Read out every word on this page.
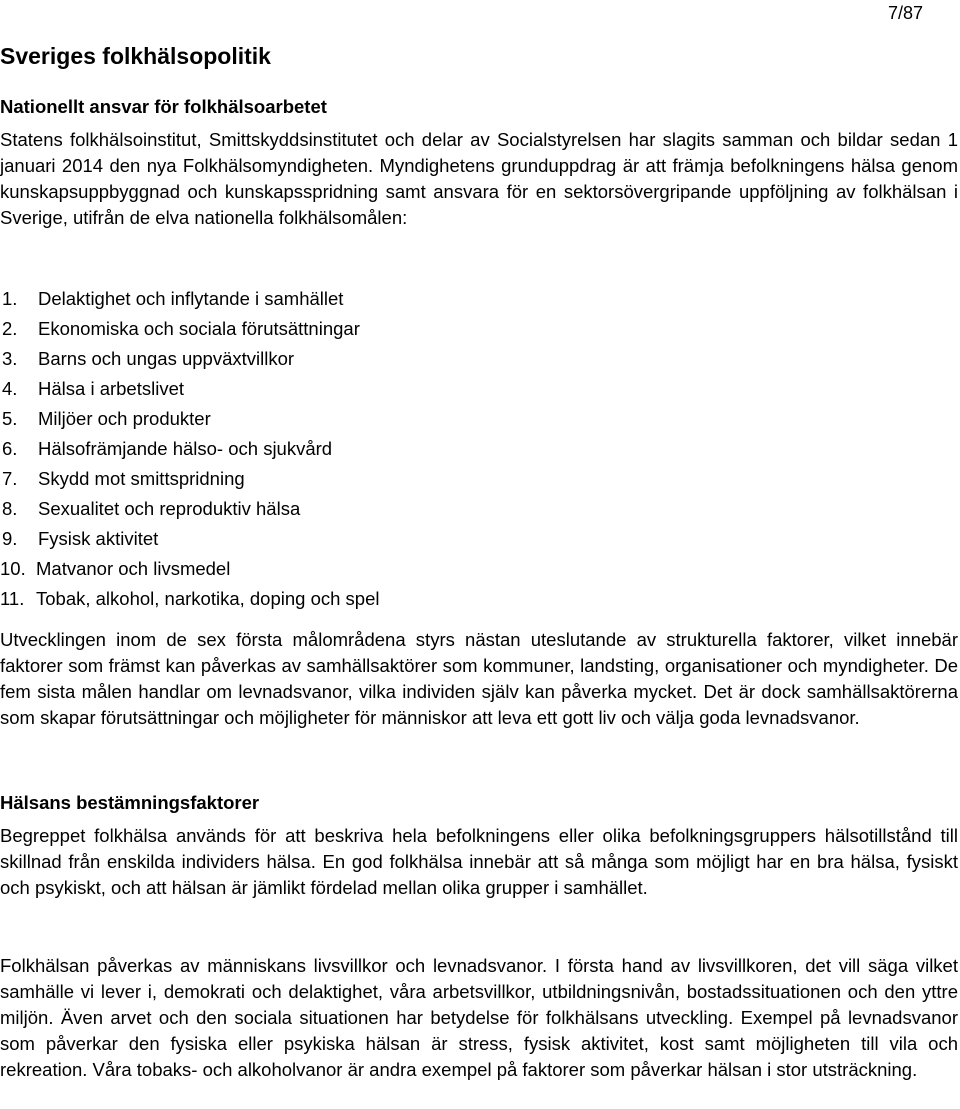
7/87
Sveriges folkhälsopolitik
Nationellt ansvar för folkhälsoarbetet

Statens folkhälsoinstitut, Smittskyddsinstitutet och delar av Socialstyrelsen har slagits samman och bildar sedan 1 januari 2014 den nya Folkhälsomyndigheten. Myndighetens grunduppdrag är att främja befolkningens hälsa genom kunskapsuppbyggnad och kunskapsspridning samt ansvara för en sektorsövergripande uppföljning av folkhälsan i Sverige, utifrån de elva nationella folkhälsomålen:

1.	Delaktighet och inflytande i samhället
2.	Ekonomiska och sociala förutsättningar
3.	Barns och ungas uppväxtvillkor
4.	Hälsa i arbetslivet
5.	Miljöer och produkter
6.	Hälsofrämjande hälso- och sjukvård
7.	Skydd mot smittspridning
8.	Sexualitet och reproduktiv hälsa
9.	Fysisk aktivitet
10. Matvanor och livsmedel
11. Tobak, alkohol, narkotika, doping och spel

Utvecklingen inom de sex första målområdena styrs nästan uteslutande av strukturella faktorer, vilket innebär faktorer som främst kan påverkas av samhällsaktörer som kommuner, landsting, organisationer och myndigheter. De fem sista målen handlar om levnadsvanor, vilka individen själv kan påverka mycket. Det är dock samhällsaktörerna som skapar förutsättningar och möjligheter för människor att leva ett gott liv och välja goda levnadsvanor.

Hälsans bestämningsfaktorer

Begreppet folkhälsa används för att beskriva hela befolkningens eller olika befolkningsgruppers hälsotillstånd till skillnad från enskilda individers hälsa. En god folkhälsa innebär att så många som möjligt har en bra hälsa, fysiskt och psykiskt, och att hälsan är jämlikt fördelad mellan olika grupper i samhället.

Folkhälsan påverkas av människans livsvillkor och levnadsvanor. I första hand av livsvillkoren, det vill säga vilket samhälle vi lever i, demokrati och delaktighet, våra arbetsvillkor, utbildningsnivån, bostadssituationen och den yttre miljön. Även arvet och den sociala situationen har betydelse för folkhälsans utveckling. Exempel på levnadsvanor som påverkar den fysiska eller psykiska hälsan är stress, fysisk aktivitet, kost samt möjligheten till vila och rekreation. Våra tobaks- och alkoholvanor är andra exempel på faktorer som påverkar hälsan i stor utsträckning.
